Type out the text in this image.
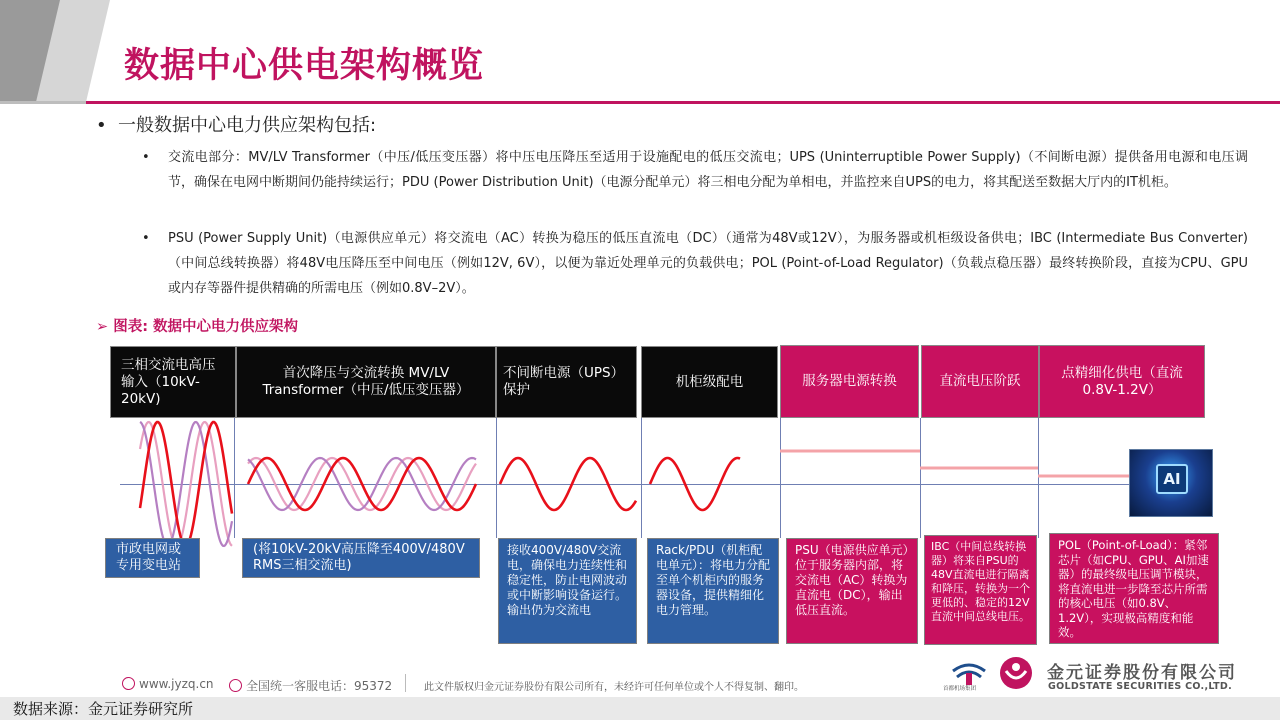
数据中心供电架构概览
• 一般数据中心电力供应架构包括:
• 交流电部分：MV/LV Transformer（中压/低压变压器）将中压电压降压至适用于设施配电的低压交流电；UPS (Uninterruptible Power Supply)（不间断电源）提供备用电源和电压调节，确保在电网中断期间仍能持续运行；PDU (Power Distribution Unit)（电源分配单元）将三相电分配为单相电，并监控来自UPS的电力，将其配送至数据大厅内的IT机柜。
• PSU (Power Supply Unit)（电源供应单元）将交流电（AC）转换为稳压的低压直流电（DC）（通常为48V或12V），为服务器或机柜级设备供电；IBC (Intermediate Bus Converter)（中间总线转换器）将48V电压降压至中间电压（例如12V, 6V），以便为靠近处理单元的负载供电；POL (Point-of-Load Regulator)（负载点稳压器）最终转换阶段，直接为CPU、GPU或内存等器件提供精确的所需电压（例如0.8V–2V）。
➢ 图表: 数据中心电力供应架构
三相交流电高压输入（10kV-20kV)
首次降压与交流转换 MV/LV Transformer（中压/低压变压器）
不间断电源（UPS）保护
机柜级配电	服务器电源转换	直流电压阶跃
点精细化供电（直流0.8V-1.2V）
AI
市政电网或专用变电站
(将10kV-20kV高压降至400V/480V RMS三相交流电)
接收400V/480V交流电，确保电力连续性和稳定性，防止电网波动或中断影响设备运行。输出仍为交流电
Rack/PDU（机柜配电单元）：将电力分配至单个机柜内的服务器设备，提供精细化电力管理。
PSU（电源供应单元）位于服务器内部，将交流电（AC）转换为直流电（DC），输出低压直流。
IBC（中间总线转换器）将来自PSU的48V直流电进行隔离和降压，转换为一个更低的、稳定的12V直流中间总线电压。
POL（Point-of-Load）：紧邻芯片（如CPU、GPU、AI加速器）的最终级电压调节模块，将直流电进一步降至芯片所需的核心电压（如0.8V、1.2V），实现极高精度和能效。
www.jyzq.cn	全国统一客服电话：95372	此文件版权归金元证券股份有限公司所有，未经许可任何单位或个人不得复制、翻印。	首都机场集团
金元证券股份有限公司
GOLDSTATE SECURITIES CO.,LTD.
数据来源：金元证券研究所
